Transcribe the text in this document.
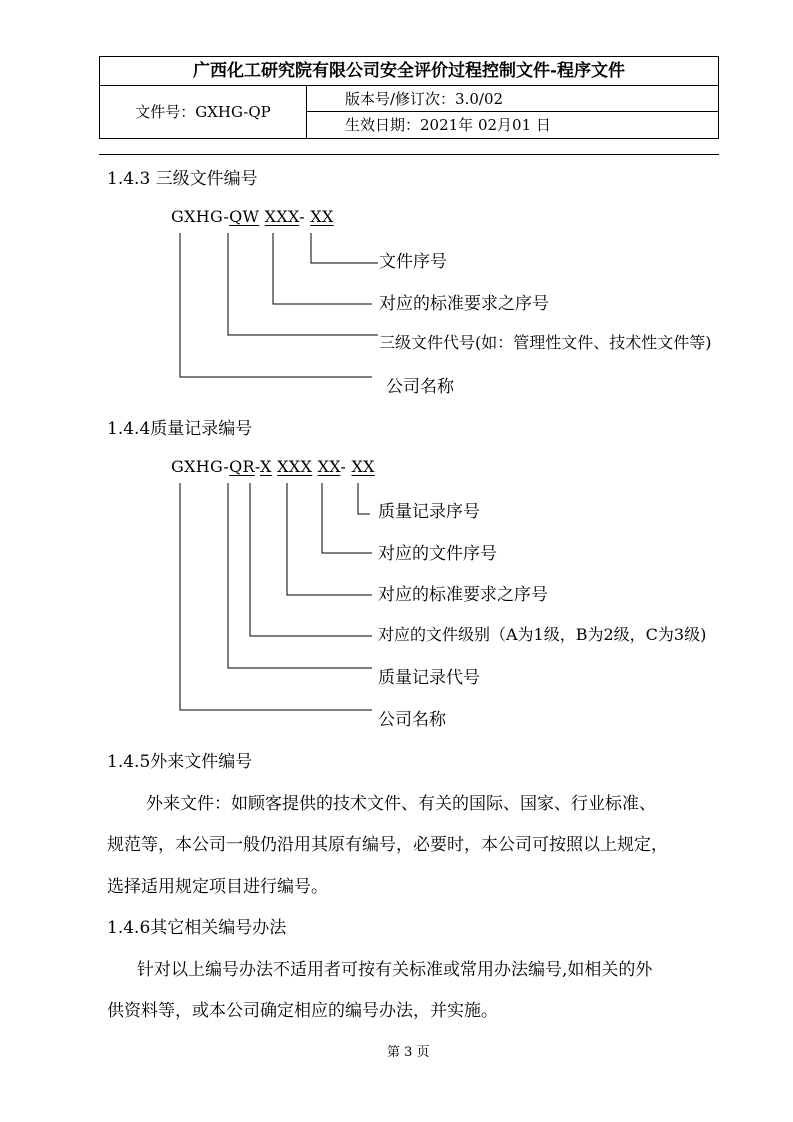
广西化工研究院有限公司安全评价过程控制文件-程序文件
文件号：GXHG-QP
版本号/修订次：3.0/02
生效日期：2021年 02月01 日
1.4.3 三级文件编号
GXHG-QW XXX- XX
文件序号
对应的标准要求之序号
三级文件代号(如：管理性文件、技术性文件等)
公司名称
1.4.4质量记录编号
GXHG-QR-X XXX XX- XX
质量记录序号
对应的文件序号
对应的标准要求之序号
对应的文件级别（A为1级，B为2级，C为3级)
质量记录代号
公司名称
1.4.5外来文件编号
外来文件：如顾客提供的技术文件、有关的国际、国家、行业标准、
规范等，本公司一般仍沿用其原有编号，必要时，本公司可按照以上规定，
选择适用规定项目进行编号。
1.4.6其它相关编号办法
针对以上编号办法不适用者可按有关标准或常用办法编号,如相关的外
供资料等，或本公司确定相应的编号办法，并实施。
第 3 页
